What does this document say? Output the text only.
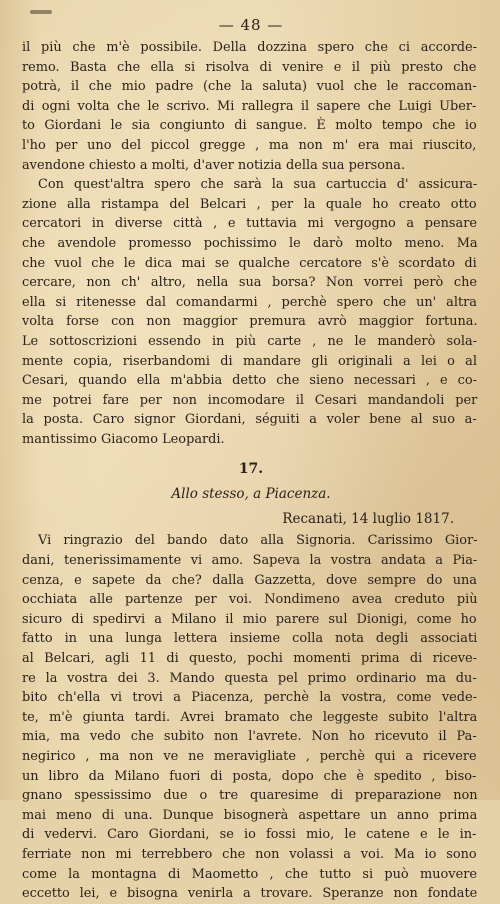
— 48 —
il più che m'è possibile. Della dozzina spero che ci accorde-
remo. Basta che ella si risolva di venire e il più presto che
potrà, il che mio padre (che la saluta) vuol che le raccoman-
di ogni volta che le scrivo. Mi rallegra il sapere che Luigi Uber-
to Giordani le sia congiunto di sangue. È molto tempo che io
l'ho per uno del piccol gregge , ma non m' era mai riuscito,
avendone chiesto a molti, d'aver notizia della sua persona.
Con quest'altra spero che sarà la sua cartuccia d' assicura-
zione alla ristampa del Belcari , per la quale ho creato otto
cercatori in diverse città , e tuttavia mi vergogno a pensare
che avendole promesso pochissimo le darò molto meno. Ma
che vuol che le dica mai se qualche cercatore s'è scordato di
cercare, non ch' altro, nella sua borsa? Non vorrei però che
ella si ritenesse dal comandarmi , perchè spero che un' altra
volta forse con non maggior premura avrò maggior fortuna.
Le sottoscrizioni essendo in più carte , ne le manderò sola-
mente copia, riserbandomi di mandare gli originali a lei o al
Cesari, quando ella m'abbia detto che sieno necessari , e co-
me potrei fare per non incomodare il Cesari mandandoli per
la posta. Caro signor Giordani, séguiti a voler bene al suo a-
mantissimo Giacomo Leopardi.
17.
Allo stesso, a Piacenza.
Recanati, 14 luglio 1817.
Vi ringrazio del bando dato alla Signoria. Carissimo Gior-
dani, tenerissimamente vi amo. Sapeva la vostra andata a Pia-
cenza, e sapete da che? dalla Gazzetta, dove sempre do una
occhiata alle partenze per voi. Nondimeno avea creduto più
sicuro di spedirvi a Milano il mio parere sul Dionigi, come ho
fatto in una lunga lettera insieme colla nota degli associati
al Belcari, agli 11 di questo, pochi momenti prima di riceve-
re la vostra dei 3. Mando questa pel primo ordinario ma du-
bito ch'ella vi trovi a Piacenza, perchè la vostra, come vede-
te, m'è giunta tardi. Avrei bramato che leggeste subito l'altra
mia, ma vedo che subito non l'avrete. Non ho ricevuto il Pa-
negirico , ma non ve ne meravigliate , perchè qui a ricevere
un libro da Milano fuori di posta, dopo che è spedito , biso-
gnano spessissimo due o tre quaresime di preparazione non
mai meno di una. Dunque bisognerà aspettare un anno prima
di vedervi. Caro Giordani, se io fossi mio, le catene e le in-
ferriate non mi terrebbero che non volassi a voi. Ma io sono
come la montagna di Maometto , che tutto si può muovere
eccetto lei, e bisogna venirla a trovare. Speranze non fondate
